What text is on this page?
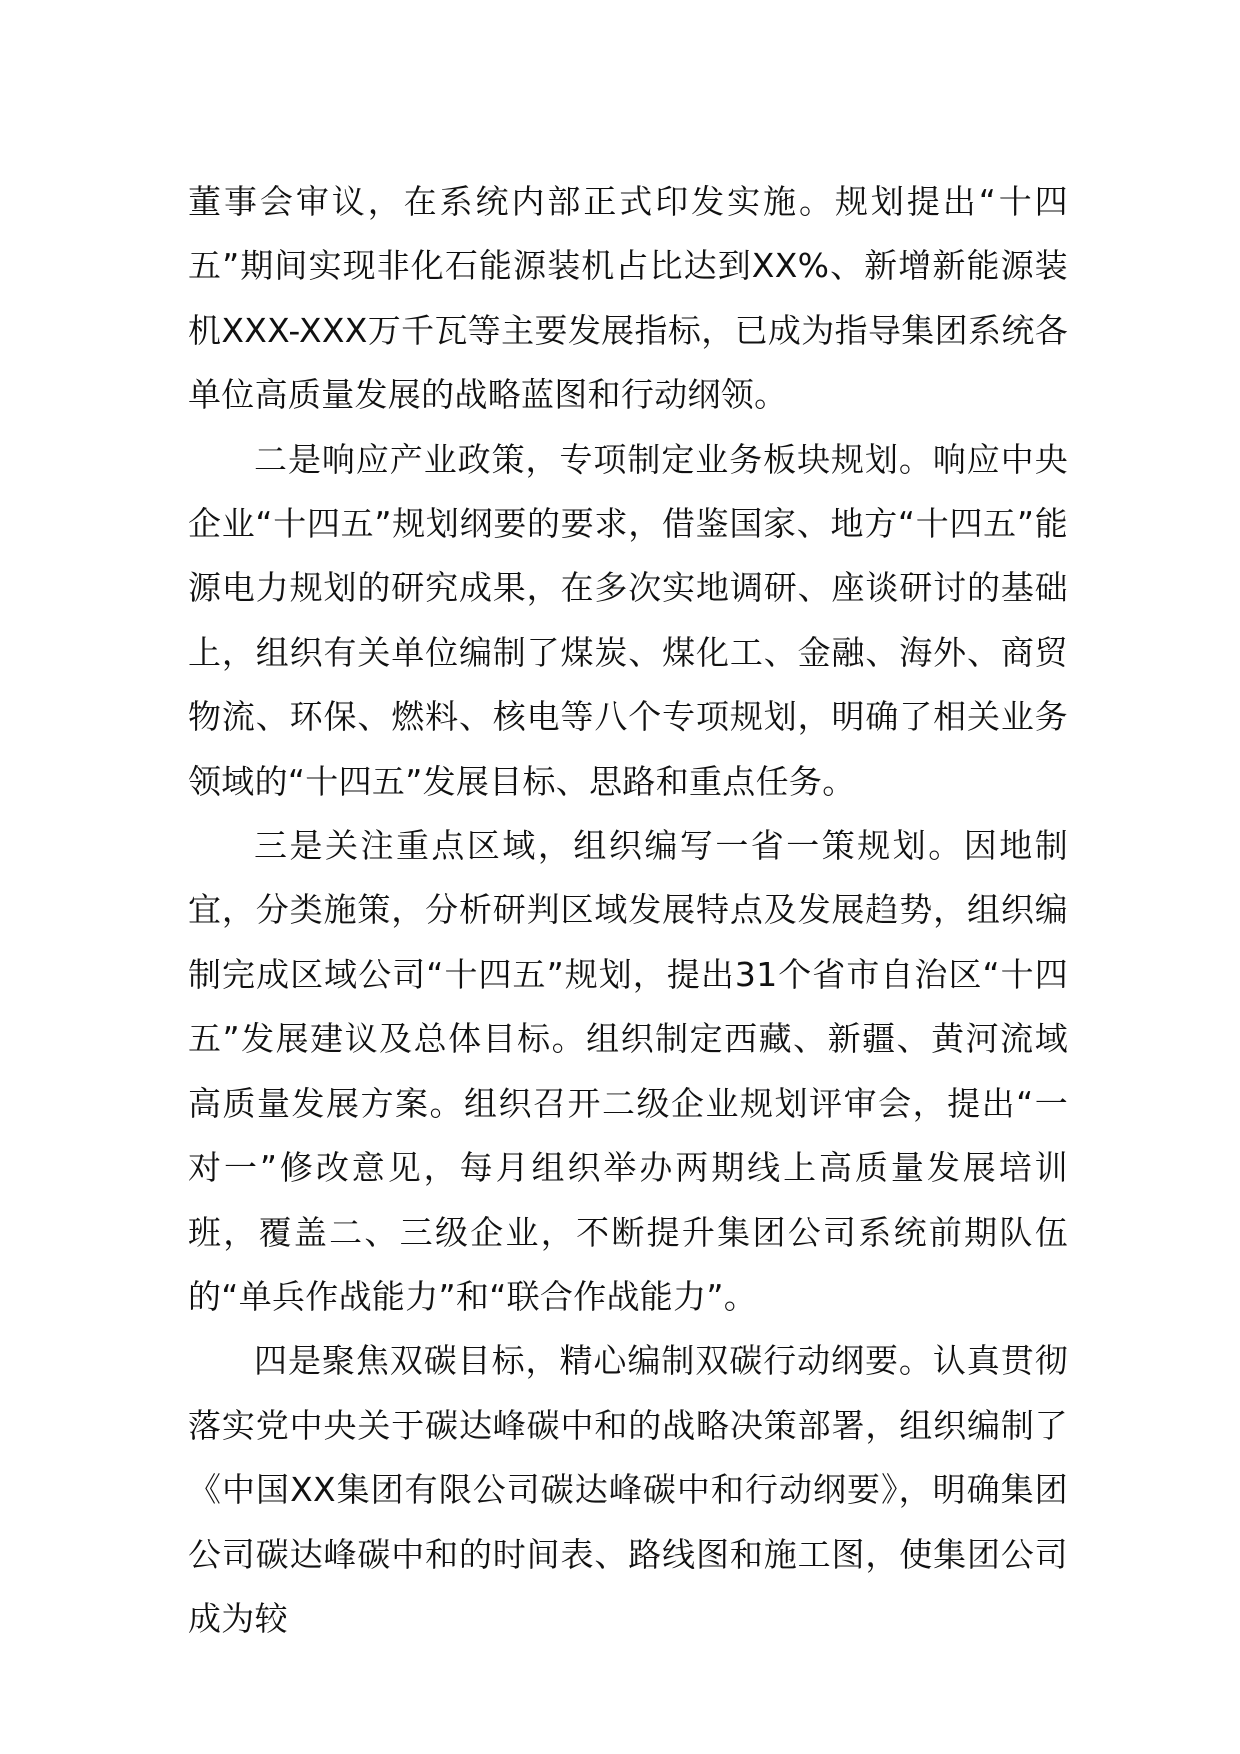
董事会审议，在系统内部正式印发实施。规划提出“十四五”期间实现非化石能源装机占比达到XX%、新增新能源装机XXX-XXX万千瓦等主要发展指标，已成为指导集团系统各单位高质量发展的战略蓝图和行动纲领。

二是响应产业政策，专项制定业务板块规划。响应中央企业“十四五”规划纲要的要求，借鉴国家、地方“十四五”能源电力规划的研究成果，在多次实地调研、座谈研讨的基础上，组织有关单位编制了煤炭、煤化工、金融、海外、商贸物流、环保、燃料、核电等八个专项规划，明确了相关业务领域的“十四五”发展目标、思路和重点任务。

三是关注重点区域，组织编写一省一策规划。因地制宜，分类施策，分析研判区域发展特点及发展趋势，组织编制完成区域公司“十四五”规划，提出31个省市自治区“十四五”发展建议及总体目标。组织制定西藏、新疆、黄河流域高质量发展方案。组织召开二级企业规划评审会，提出“一对一”修改意见，每月组织举办两期线上高质量发展培训班，覆盖二、三级企业，不断提升集团公司系统前期队伍的“单兵作战能力”和“联合作战能力”。

四是聚焦双碳目标，精心编制双碳行动纲要。认真贯彻落实党中央关于碳达峰碳中和的战略决策部署，组织编制了《中国XX集团有限公司碳达峰碳中和行动纲要》，明确集团公司碳达峰碳中和的时间表、路线图和施工图，使集团公司成为较
